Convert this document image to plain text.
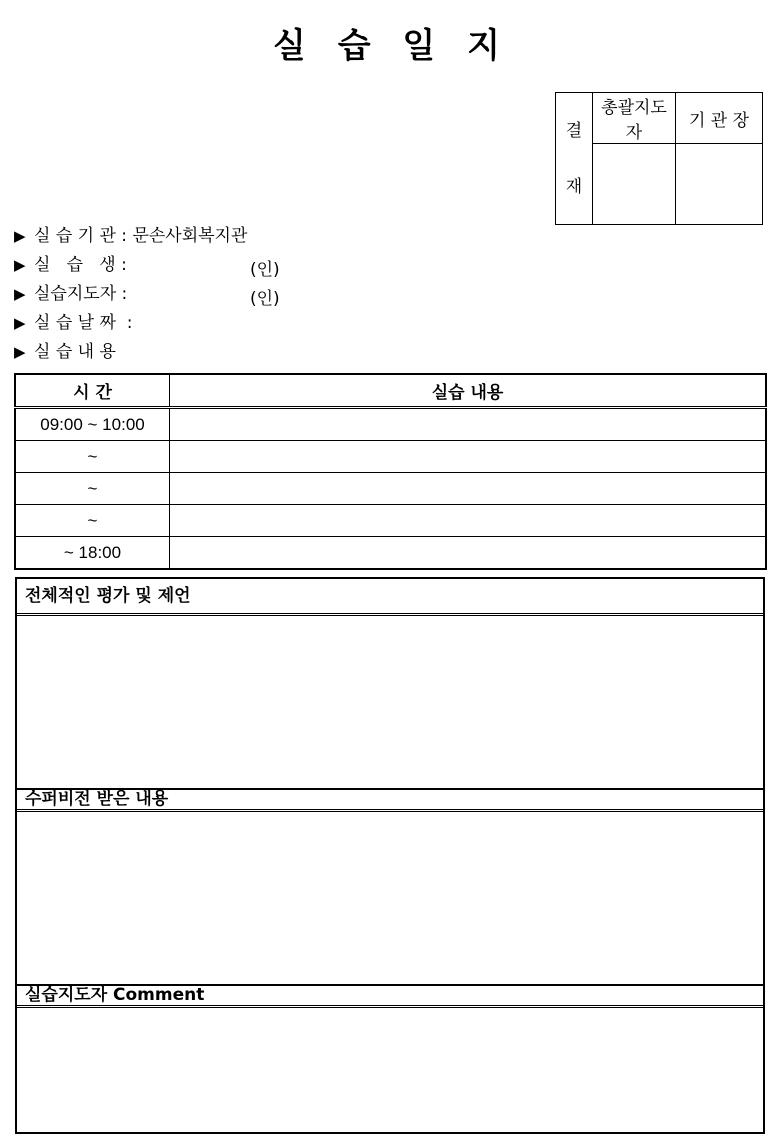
실 습 일 지
결
재	총괄지도자	기 관 장

▶ 실 습 기 관 : 문손사회복지관
▶ 실   습   생 :	(인)
▶ 실습지도자 :	(인)
▶ 실 습 날 짜  :
▶ 실 습 내 용
시 간	실습 내용
09:00 ~ 10:00	
~	
~	
~	
~ 18:00	
전체적인 평가 및 제언
수퍼비전 받은 내용
실습지도자 Comment
